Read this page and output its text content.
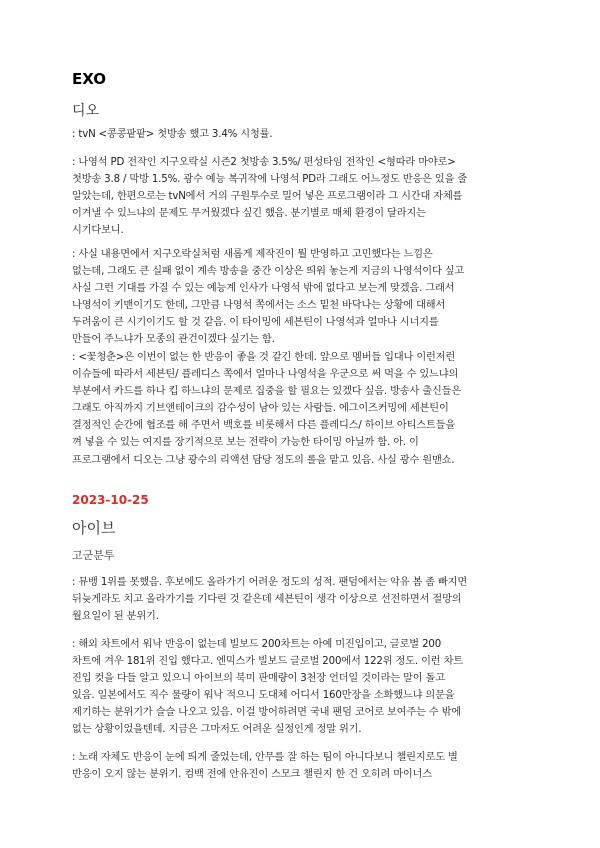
EXO
디오
: tvN <콩콩팥팥> 첫방송 했고 3.4% 시청률.
: 나영석 PD 전작인 지구오락실 시즌2 첫방송 3.5%/ 편성타임 전작인 <형따라 마야로>
첫방송 3.8 / 막방 1.5%. 광수 예능 복귀작에 나영석 PD라 그래도 어느정도 반응은 있을 줄
알았는데, 한편으로는 tvN에서 거의 구원투수로 밀어 넣은 프로그램이라 그 시간대 자체를
이겨낼 수 있느냐의 문제도 무거웠겠다 싶긴 했음. 분기별로 매체 환경이 달라지는
시기다보니.
: 사실 내용면에서 지구오락실처럼 새롭게 제작진이 뭘 반영하고 고민했다는 느낌은
없는데, 그래도 큰 실패 없이 계속 방송을 중간 이상은 띄워 놓는게 지금의 나영석이다 싶고
사실 그런 기대를 가질 수 있는 예능계 인사가 나영석 밖에 없다고 보는게 맞겠음. 그래서
나영석이 키맨이기도 한데, 그만큼 나영석 쪽에서는 소스 밑천 바닥나는 상황에 대해서
두려움이 큰 시기이기도 할 것 같음. 이 타이밍에 세븐틴이 나영석과 얼마나 시너지를
만들어 주느냐가 모종의 관건이겠다 싶기는 함.
: <꽃청춘>은 이번이 없는 한 반응이 좋을 것 같긴 한데. 앞으로 멤버들 입대나 이런저런
이슈들에 따라서 세븐틴/ 플레디스 쪽에서 얼마나 나영석을 우군으로 써 먹을 수 있느냐의
부분에서 카드를 하나 킵 하느냐의 문제로 집중을 할 필요는 있겠다 싶음. 방송사 출신들은
그래도 아직까지 기브앤테이크의 감수성이 남아 있는 사람들. 에그이즈커밍에 세븐틴이
결정적인 순간에 협조를 해 주면서 백호를 비롯해서 다른 플레디스/ 하이브 아티스트들을
껴 넣을 수 있는 여지를 장기적으로 보는 전략이 가능한 타이밍 아닐까 함. 아. 이
프로그램에서 디오는 그냥 광수의 리액션 담당 정도의 롤을 맡고 있음. 사실 광수 원맨쇼.
2023-10-25
아이브
고군분투
: 뮤뱅 1위를 못했음. 후보에도 올라가기 어려운 정도의 성적. 팬덤에서는 악유 봄 좀 빠지면
뒤늦게라도 치고 올라가기를 기다린 것 같은데 세븐틴이 생각 이상으로 선전하면서 절망의
월요일이 된 분위기.
: 해외 차트에서 워낙 반응이 없는데 빌보드 200차트는 아예 미진입이고, 글로벌 200
차트에 겨우 181위 진입 했다고. 엔믹스가 빌보드 글로벌 200에서 122위 정도. 이런 차트
진입 컷을 다들 알고 있으니 아이브의 북미 판매량이 3천장 언더일 것이라는 말이 돌고
있음. 일본에서도 직수 물량이 워낙 적으니 도대체 어디서 160만장을 소화했느냐 의문을
제기하는 분위기가 슬슬 나오고 있음. 이걸 방어하려면 국내 팬덤 코어로 보여주는 수 밖에
없는 상황이었을텐데. 지금은 그마저도 어려운 실정인게 정말 위기.
: 노래 자체도 반응이 눈에 띄게 줄었는데, 안무를 잘 하는 팀이 아니다보니 챌린지로도 별
반응이 오지 않는 분위기. 컴백 전에 안유진이 스모크 챌린지 한 건 오히려 마이너스
